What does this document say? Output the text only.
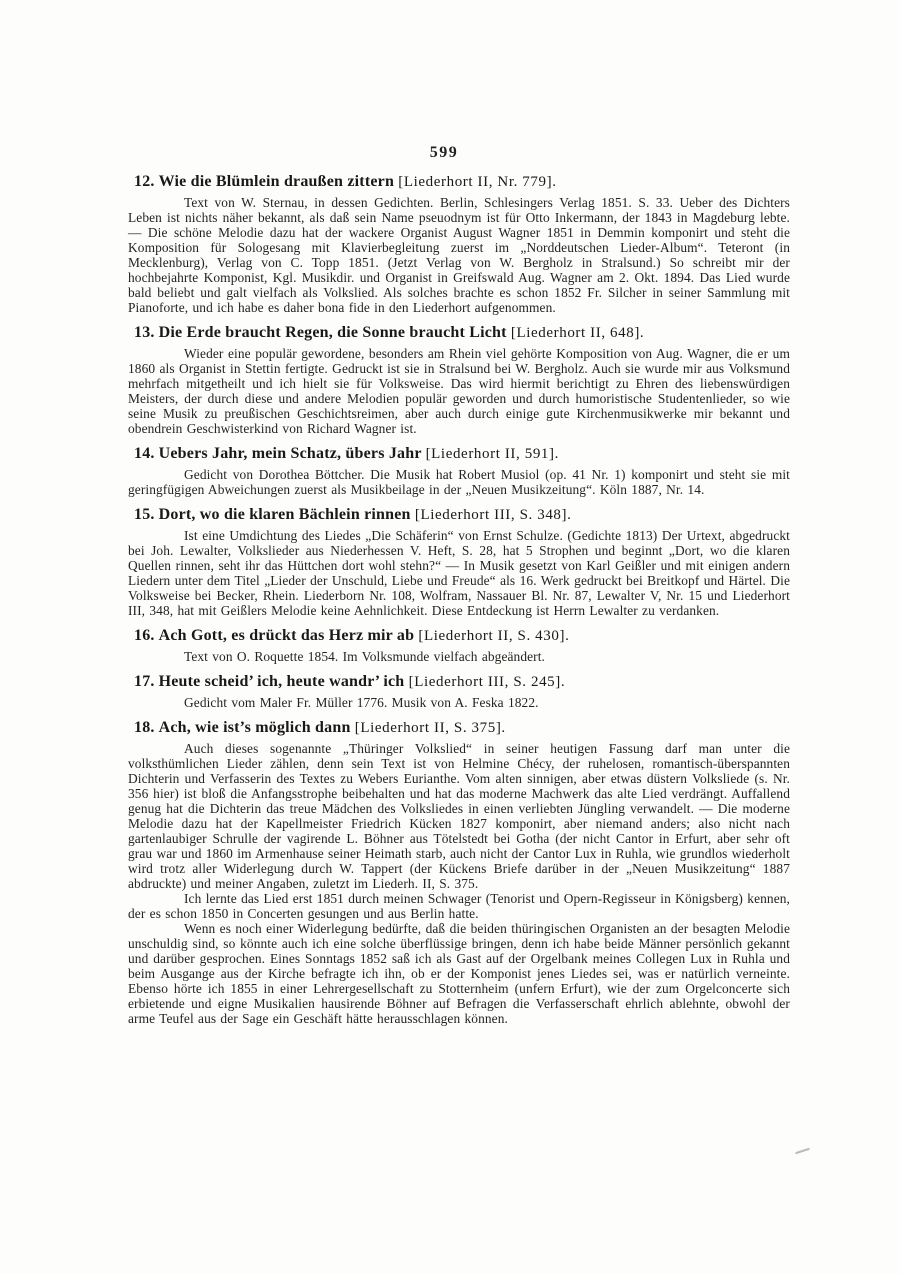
599
12. Wie die Blümlein draußen zittern [Liederhort II, Nr. 779].

Text von W. Sternau, in dessen Gedichten. Berlin, Schlesingers Verlag 1851. S. 33. Ueber des Dichters Leben ist nichts näher bekannt, als daß sein Name pseuodnym ist für Otto Inkermann, der 1843 in Magdeburg lebte. — Die schöne Melodie dazu hat der wackere Organist August Wagner 1851 in Demmin komponirt und steht die Komposition für Sologesang mit Klavierbegleitung zuerst im „Norddeutschen Lieder-Album“. Teteront (in Mecklenburg), Verlag von C. Topp 1851. (Jetzt Verlag von W. Bergholz in Stralsund.) So schreibt mir der hochbejahrte Komponist, Kgl. Musikdir. und Organist in Greifswald Aug. Wagner am 2. Okt. 1894. Das Lied wurde bald beliebt und galt vielfach als Volkslied. Als solches brachte es schon 1852 Fr. Silcher in seiner Sammlung mit Pianoforte, und ich habe es daher bona fide in den Liederhort aufgenommen.

13. Die Erde braucht Regen, die Sonne braucht Licht [Liederhort II, 648].

Wieder eine populär gewordene, besonders am Rhein viel gehörte Komposition von Aug. Wagner, die er um 1860 als Organist in Stettin fertigte. Gedruckt ist sie in Stralsund bei W. Bergholz. Auch sie wurde mir aus Volksmund mehrfach mitgetheilt und ich hielt sie für Volksweise. Das wird hiermit berichtigt zu Ehren des liebenswürdigen Meisters, der durch diese und andere Melodien populär geworden und durch humoristische Studentenlieder, so wie seine Musik zu preußischen Geschichtsreimen, aber auch durch einige gute Kirchenmusikwerke mir bekannt und obendrein Geschwisterkind von Richard Wagner ist.

14. Uebers Jahr, mein Schatz, übers Jahr [Liederhort II, 591].

Gedicht von Dorothea Böttcher. Die Musik hat Robert Musiol (op. 41 Nr. 1) komponirt und steht sie mit geringfügigen Abweichungen zuerst als Musikbeilage in der „Neuen Musikzeitung“. Köln 1887, Nr. 14.

15. Dort, wo die klaren Bächlein rinnen [Liederhort III, S. 348].

Ist eine Umdichtung des Liedes „Die Schäferin“ von Ernst Schulze. (Gedichte 1813) Der Urtext, abgedruckt bei Joh. Lewalter, Volkslieder aus Niederhessen V. Heft, S. 28, hat 5 Strophen und beginnt „Dort, wo die klaren Quellen rinnen, seht ihr das Hüttchen dort wohl stehn?“ — In Musik gesetzt von Karl Geißler und mit einigen andern Liedern unter dem Titel „Lieder der Unschuld, Liebe und Freude“ als 16. Werk gedruckt bei Breitkopf und Härtel. Die Volksweise bei Becker, Rhein. Liederborn Nr. 108, Wolfram, Nassauer Bl. Nr. 87, Lewalter V, Nr. 15 und Liederhort III, 348, hat mit Geißlers Melodie keine Aehnlichkeit. Diese Entdeckung ist Herrn Lewalter zu verdanken.

16. Ach Gott, es drückt das Herz mir ab [Liederhort II, S. 430].

Text von O. Roquette 1854. Im Volksmunde vielfach abgeändert.

17. Heute scheid’ ich, heute wandr’ ich [Liederhort III, S. 245].

Gedicht vom Maler Fr. Müller 1776. Musik von A. Feska 1822.

18. Ach, wie ist’s möglich dann [Liederhort II, S. 375].

Auch dieses sogenannte „Thüringer Volkslied“ in seiner heutigen Fassung darf man unter die volksthümlichen Lieder zählen, denn sein Text ist von Helmine Chécy, der ruhelosen, romantisch-überspannten Dichterin und Verfasserin des Textes zu Webers Eurianthe. Vom alten sinnigen, aber etwas düstern Volksliede (s. Nr. 356 hier) ist bloß die Anfangsstrophe beibehalten und hat das moderne Machwerk das alte Lied verdrängt. Auffallend genug hat die Dichterin das treue Mädchen des Volksliedes in einen verliebten Jüngling verwandelt. — Die moderne Melodie dazu hat der Kapellmeister Friedrich Kücken 1827 komponirt, aber niemand anders; also nicht nach gartenlaubiger Schrulle der vagirende L. Böhner aus Tötelstedt bei Gotha (der nicht Cantor in Erfurt, aber sehr oft grau war und 1860 im Armenhause seiner Heimath starb, auch nicht der Cantor Lux in Ruhla, wie grundlos wiederholt wird trotz aller Widerlegung durch W. Tappert (der Kückens Briefe darüber in der „Neuen Musikzeitung“ 1887 abdruckte) und meiner Angaben, zuletzt im Liederh. II, S. 375.

Ich lernte das Lied erst 1851 durch meinen Schwager (Tenorist und Opern-Regisseur in Königsberg) kennen, der es schon 1850 in Concerten gesungen und aus Berlin hatte.

Wenn es noch einer Widerlegung bedürfte, daß die beiden thüringischen Organisten an der besagten Melodie unschuldig sind, so könnte auch ich eine solche überflüssige bringen, denn ich habe beide Männer persönlich gekannt und darüber gesprochen. Eines Sonntags 1852 saß ich als Gast auf der Orgelbank meines Collegen Lux in Ruhla und beim Ausgange aus der Kirche befragte ich ihn, ob er der Komponist jenes Liedes sei, was er natürlich verneinte. Ebenso hörte ich 1855 in einer Lehrergesellschaft zu Stotternheim (unfern Erfurt), wie der zum Orgelconcerte sich erbietende und eigne Musikalien hausirende Böhner auf Befragen die Verfasserschaft ehrlich ablehnte, obwohl der arme Teufel aus der Sage ein Geschäft hätte herausschlagen können.
